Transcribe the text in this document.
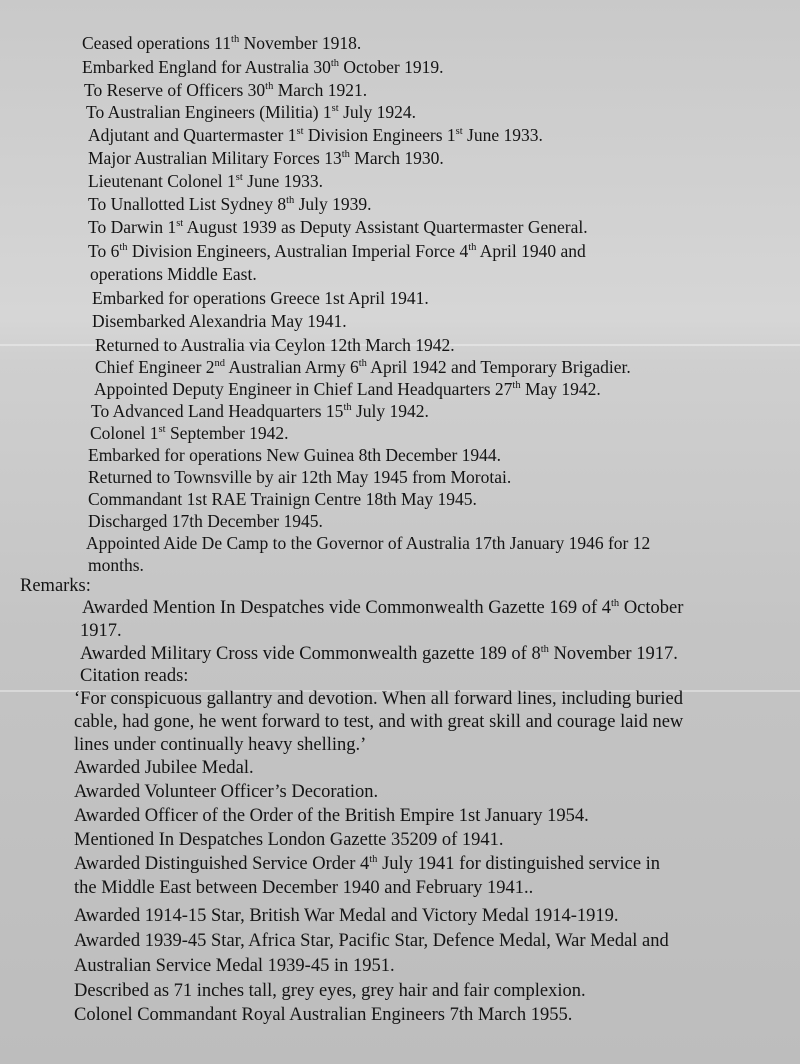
Ceased operations 11th November 1918.
Embarked England for Australia 30th October 1919.
To Reserve of Officers 30th March 1921.
To Australian Engineers (Militia) 1st July 1924.
Adjutant and Quartermaster 1st Division Engineers 1st June 1933.
Major Australian Military Forces 13th March 1930.
Lieutenant Colonel 1st June 1933.
To Unallotted List Sydney 8th July 1939.
To Darwin 1st August 1939 as Deputy Assistant Quartermaster General.
To 6th Division Engineers, Australian Imperial Force 4th April 1940 and
operations Middle East.
Embarked for operations Greece 1st April 1941.
Disembarked Alexandria May 1941.
Returned to Australia via Ceylon 12th March 1942.
Chief Engineer 2nd Australian Army 6th April 1942 and Temporary Brigadier.
Appointed Deputy Engineer in Chief Land Headquarters 27th May 1942.
To Advanced Land Headquarters 15th July 1942.
Colonel 1st September 1942.
Embarked for operations New Guinea 8th December 1944.
Returned to Townsville by air 12th May 1945 from Morotai.
Commandant 1st RAE Trainign Centre 18th May 1945.
Discharged 17th December 1945.
Appointed Aide De Camp to the Governor of Australia 17th January 1946 for 12
months.
Remarks:
Awarded Mention In Despatches vide Commonwealth Gazette 169 of 4th October
1917.
Awarded Military Cross vide Commonwealth gazette 189 of 8th November 1917.
Citation reads:
‘For conspicuous gallantry and devotion. When all forward lines, including buried
cable, had gone, he went forward to test, and with great skill and courage laid new
lines under continually heavy shelling.’
Awarded Jubilee Medal.
Awarded Volunteer Officer’s Decoration.
Awarded Officer of the Order of the British Empire 1st January 1954.
Mentioned In Despatches London Gazette 35209 of 1941.
Awarded Distinguished Service Order 4th July 1941 for distinguished service in
the Middle East between December 1940 and February 1941..
Awarded 1914-15 Star, British War Medal and Victory Medal 1914-1919.
Awarded 1939-45 Star, Africa Star, Pacific Star, Defence Medal, War Medal and
Australian Service Medal 1939-45 in 1951.
Described as 71 inches tall, grey eyes, grey hair and fair complexion.
Colonel Commandant Royal Australian Engineers 7th March 1955.
